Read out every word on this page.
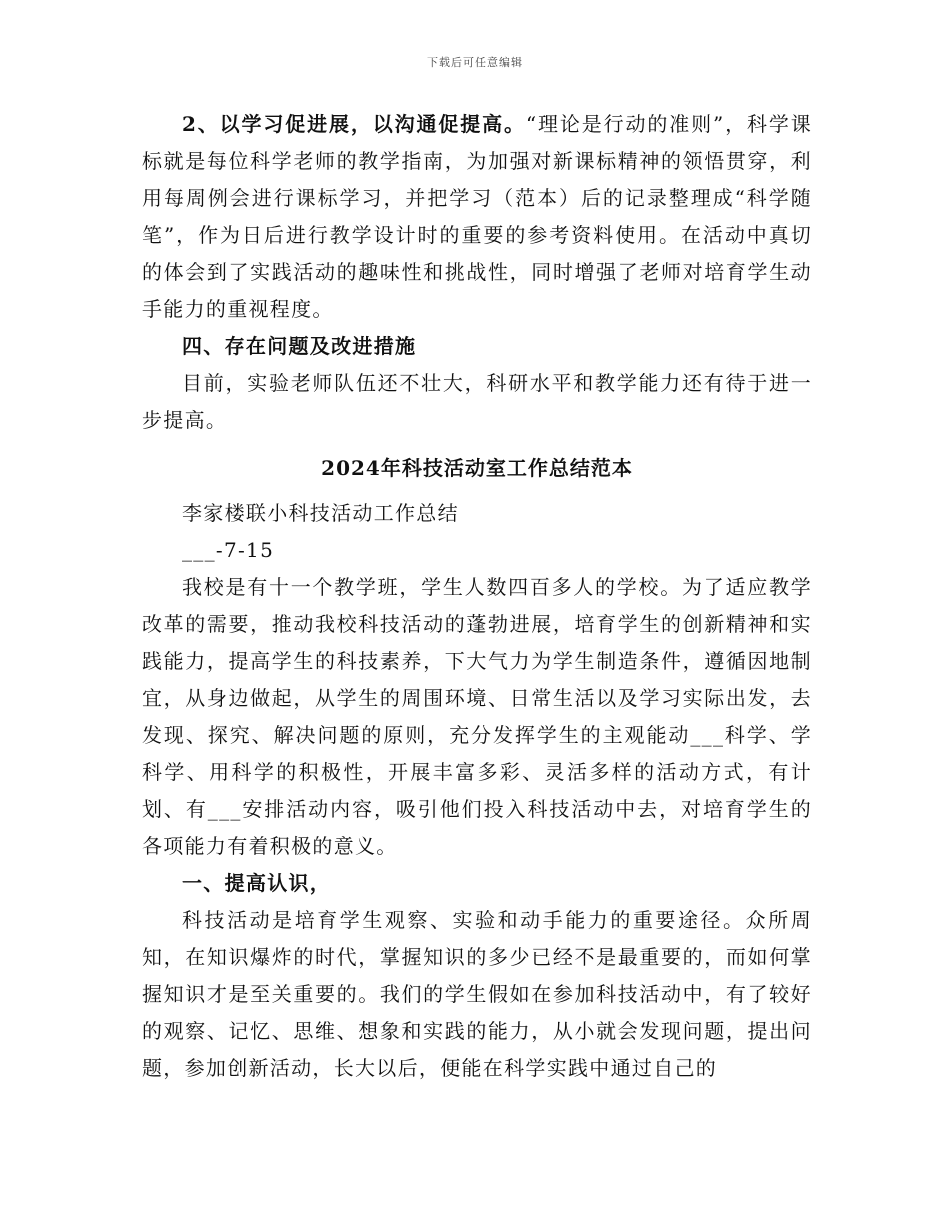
下载后可任意编辑

2、以学习促进展，以沟通促提高。“理论是行动的准则”，科学课标就是每位科学老师的教学指南，为加强对新课标精神的领悟贯穿，利用每周例会进行课标学习，并把学习（范本）后的记录整理成“科学随笔”，作为日后进行教学设计时的重要的参考资料使用。在活动中真切的体会到了实践活动的趣味性和挑战性，同时增强了老师对培育学生动手能力的重视程度。

四、存在问题及改进措施

目前，实验老师队伍还不壮大，科研水平和教学能力还有待于进一步提高。

2024年科技活动室工作总结范本

李家楼联小科技活动工作总结

___-7-15

我校是有十一个教学班，学生人数四百多人的学校。为了适应教学改革的需要，推动我校科技活动的蓬勃进展，培育学生的创新精神和实践能力，提高学生的科技素养，下大气力为学生制造条件，遵循因地制宜，从身边做起，从学生的周围环境、日常生活以及学习实际出发，去发现、探究、解决问题的原则，充分发挥学生的主观能动___科学、学科学、用科学的积极性，开展丰富多彩、灵活多样的活动方式，有计划、有___安排活动内容，吸引他们投入科技活动中去，对培育学生的各项能力有着积极的意义。

一、提高认识，

科技活动是培育学生观察、实验和动手能力的重要途径。众所周知，在知识爆炸的时代，掌握知识的多少已经不是最重要的，而如何掌握知识才是至关重要的。我们的学生假如在参加科技活动中，有了较好的观察、记忆、思维、想象和实践的能力，从小就会发现问题，提出问题，参加创新活动，长大以后，便能在科学实践中通过自己的
